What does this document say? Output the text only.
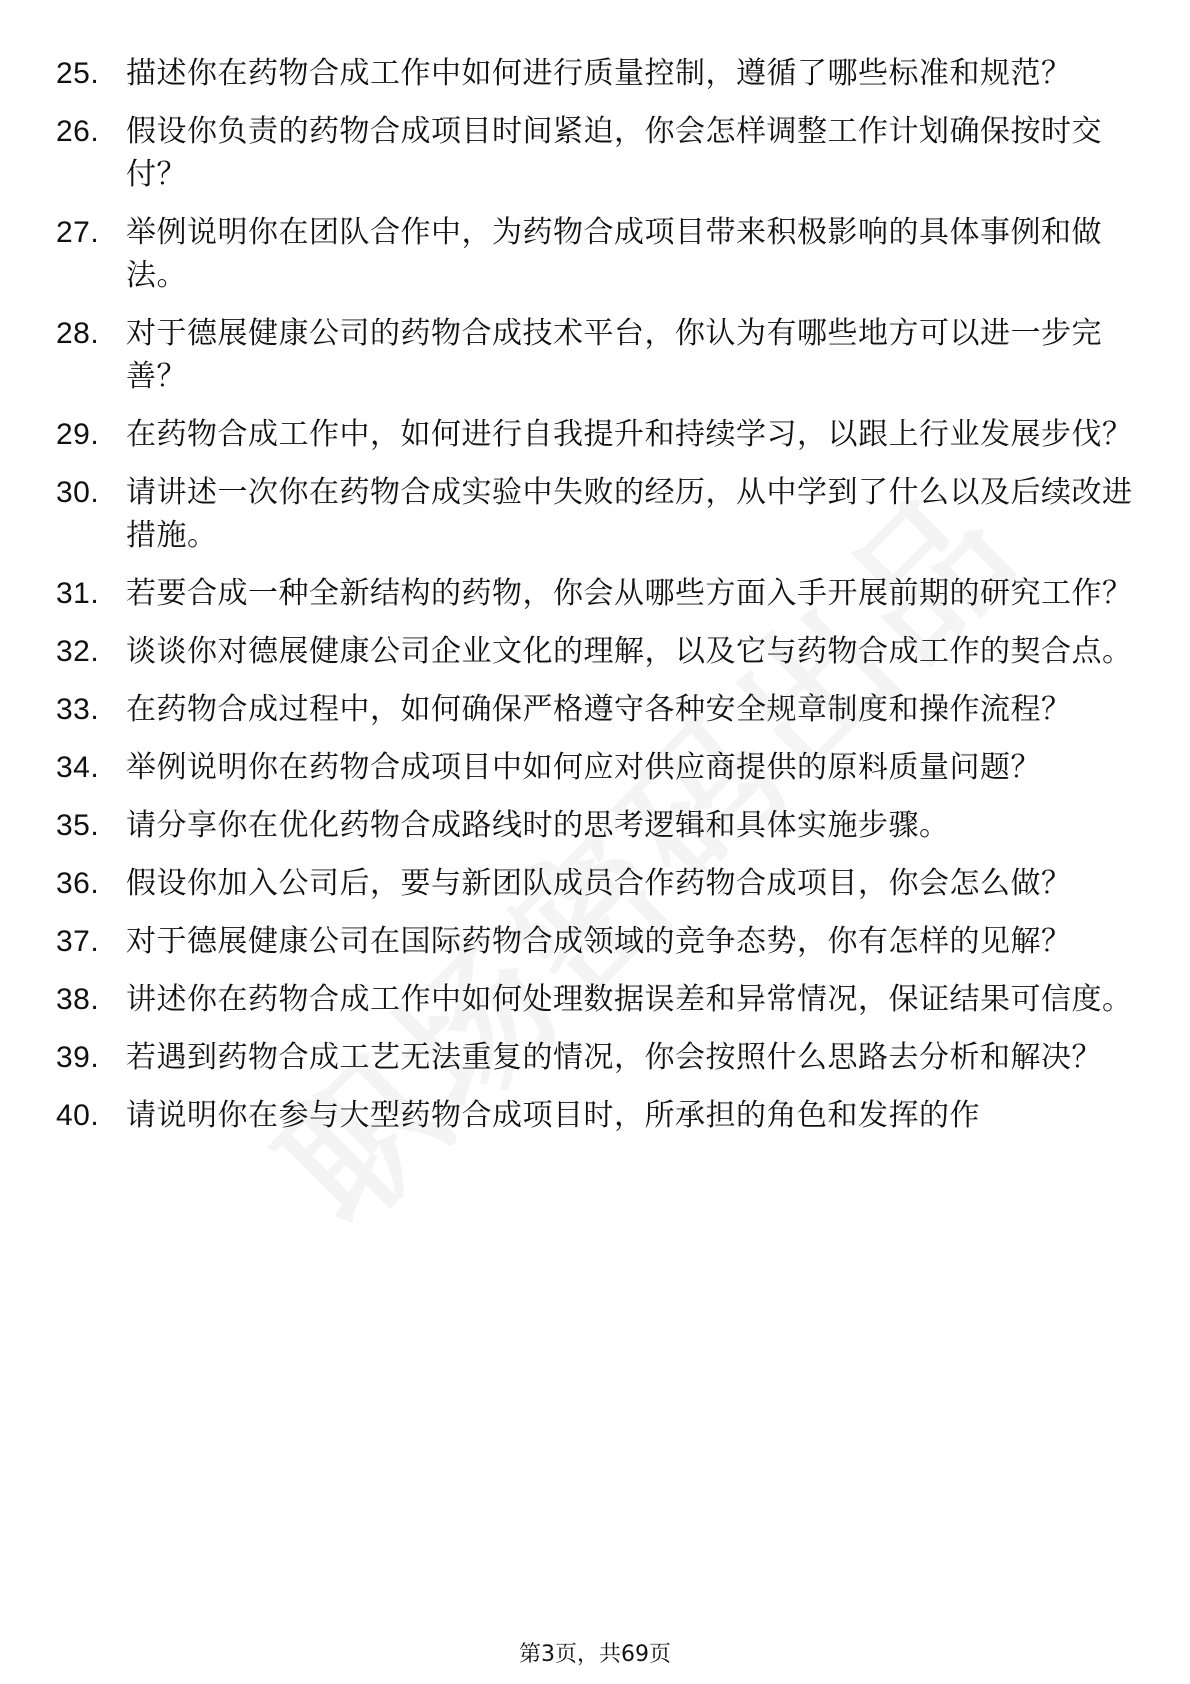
25. 描述你在药物合成工作中如何进行质量控制，遵循了哪些标准和规范？
26. 假设你负责的药物合成项目时间紧迫，你会怎样调整工作计划确保按时交付？
27. 举例说明你在团队合作中，为药物合成项目带来积极影响的具体事例和做法。
28. 对于德展健康公司的药物合成技术平台，你认为有哪些地方可以进一步完善？
29. 在药物合成工作中，如何进行自我提升和持续学习，以跟上行业发展步伐？
30. 请讲述一次你在药物合成实验中失败的经历，从中学到了什么以及后续改进措施。
31. 若要合成一种全新结构的药物，你会从哪些方面入手开展前期的研究工作？
32. 谈谈你对德展健康公司企业文化的理解，以及它与药物合成工作的契合点。
33. 在药物合成过程中，如何确保严格遵守各种安全规章制度和操作流程？
34. 举例说明你在药物合成项目中如何应对供应商提供的原料质量问题？
35. 请分享你在优化药物合成路线时的思考逻辑和具体实施步骤。
36. 假设你加入公司后，要与新团队成员合作药物合成项目，你会怎么做？
37. 对于德展健康公司在国际药物合成领域的竞争态势，你有怎样的见解？
38. 讲述你在药物合成工作中如何处理数据误差和异常情况，保证结果可信度。
39. 若遇到药物合成工艺无法重复的情况，你会按照什么思路去分析和解决？
40. 请说明你在参与大型药物合成项目时，所承担的角色和发挥的作
第3页，共69页
